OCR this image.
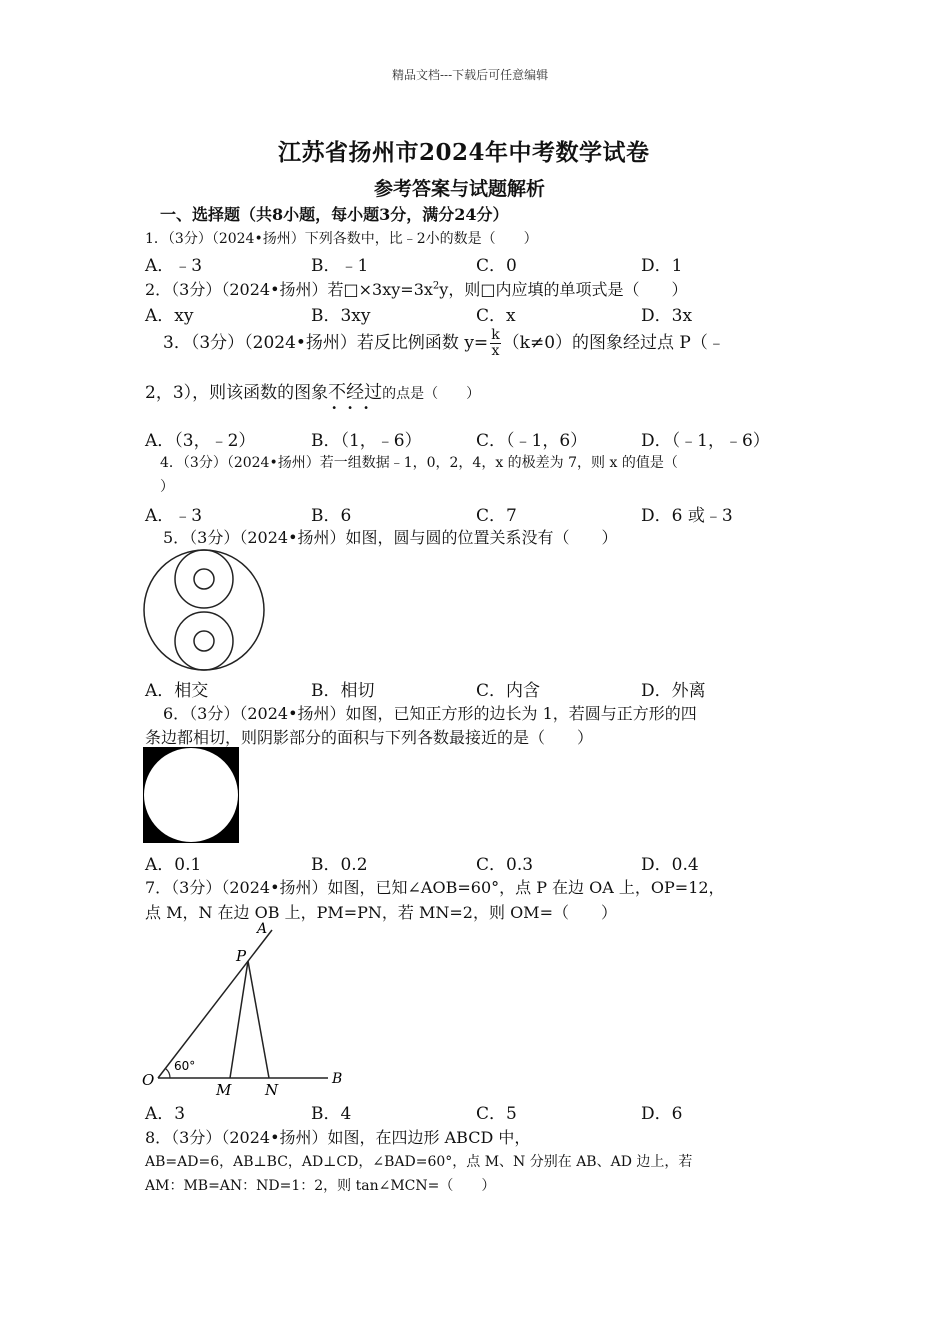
精品文档---下载后可任意编辑
江苏省扬州市2024年中考数学试卷
参考答案与试题解析
一、选择题（共8小题，每小题3分，满分24分）
1．（3分）（2024•扬州）下列各数中，比﹣2小的数是（　　）
A．﹣3	B．﹣1	C．0	D．1
2．（3分）（2024•扬州）若$□\times 3xy=3x^2y$，则□内应填的单项式是（　　）
A．xy	B．3xy	C．x	D．3x
3．（3分）（2024•扬州）若反比例函数 $y= \frac{k}{x} (k\ne 0)$的图象经过点 P（﹣
2，3），则该函数的图象不经过
•••
的点是（　　）
A．（3，﹣2）	B．（1，﹣6）	C．（﹣1，6）	D．（﹣1，﹣6）
4．（3分）（2024•扬州）若一组数据﹣1，0，2，4，x 的极差为 7，则 x 的值是（
）
A．﹣3	B．6	C．7	D．6 或﹣3
5．（3分）（2024•扬州）如图，圆与圆的位置关系没有（　　）
A．相交	B．相切	C．内含	D．外离
6．（3分）（2024•扬州）如图，已知正方形的边长为 1，若圆与正方形的四
条边都相切，则阴影部分的面积与下列各数最接近的是（　　）
A．0.1	B．0.2	C．0.3	D．0.4
7．（3分）（2024•扬州）如图，已知∠AOB=60°，点 P 在边 OA 上，OP=12，
点 M，N 在边 OB 上，PM=PN，若 MN=2，则 OM=（　　）
A
P
O
60°
M N
B
A．3	B．4	C．5	D．6
8．（3分）（2024•扬州）如图，在四边形 ABCD 中，
AB=AD=6，AB⊥BC，AD⊥CD，∠BAD=60°，点 M、N 分别在 AB、AD 边上，若
AM：MB=AN：ND=1：2，则 tan∠MCN=（　　）
